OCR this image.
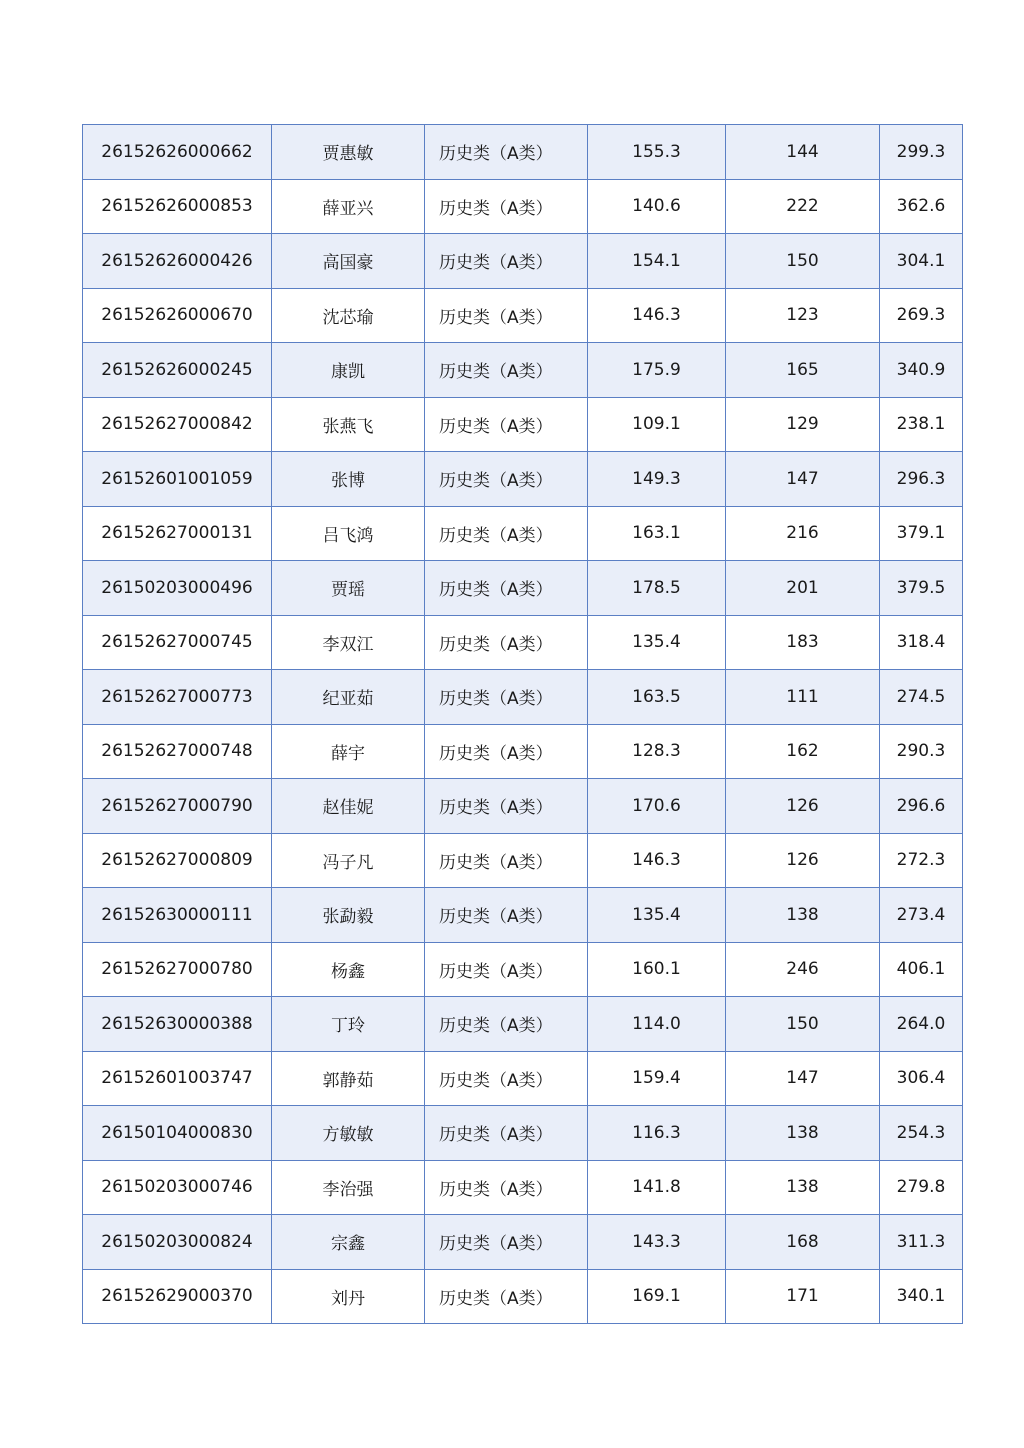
26152626000662	贾惠敏	历史类（A类）	155.3	144	299.3
26152626000853	薛亚兴	历史类（A类）	140.6	222	362.6
26152626000426	高国豪	历史类（A类）	154.1	150	304.1
26152626000670	沈芯瑜	历史类（A类）	146.3	123	269.3
26152626000245	康凯	历史类（A类）	175.9	165	340.9
26152627000842	张燕飞	历史类（A类）	109.1	129	238.1
26152601001059	张博	历史类（A类）	149.3	147	296.3
26152627000131	吕飞鸿	历史类（A类）	163.1	216	379.1
26150203000496	贾瑶	历史类（A类）	178.5	201	379.5
26152627000745	李双江	历史类（A类）	135.4	183	318.4
26152627000773	纪亚茹	历史类（A类）	163.5	111	274.5
26152627000748	薛宇	历史类（A类）	128.3	162	290.3
26152627000790	赵佳妮	历史类（A类）	170.6	126	296.6
26152627000809	冯子凡	历史类（A类）	146.3	126	272.3
26152630000111	张勐毅	历史类（A类）	135.4	138	273.4
26152627000780	杨鑫	历史类（A类）	160.1	246	406.1
26152630000388	丁玲	历史类（A类）	114.0	150	264.0
26152601003747	郭静茹	历史类（A类）	159.4	147	306.4
26150104000830	方敏敏	历史类（A类）	116.3	138	254.3
26150203000746	李治强	历史类（A类）	141.8	138	279.8
26150203000824	宗鑫	历史类（A类）	143.3	168	311.3
26152629000370	刘丹	历史类（A类）	169.1	171	340.1
